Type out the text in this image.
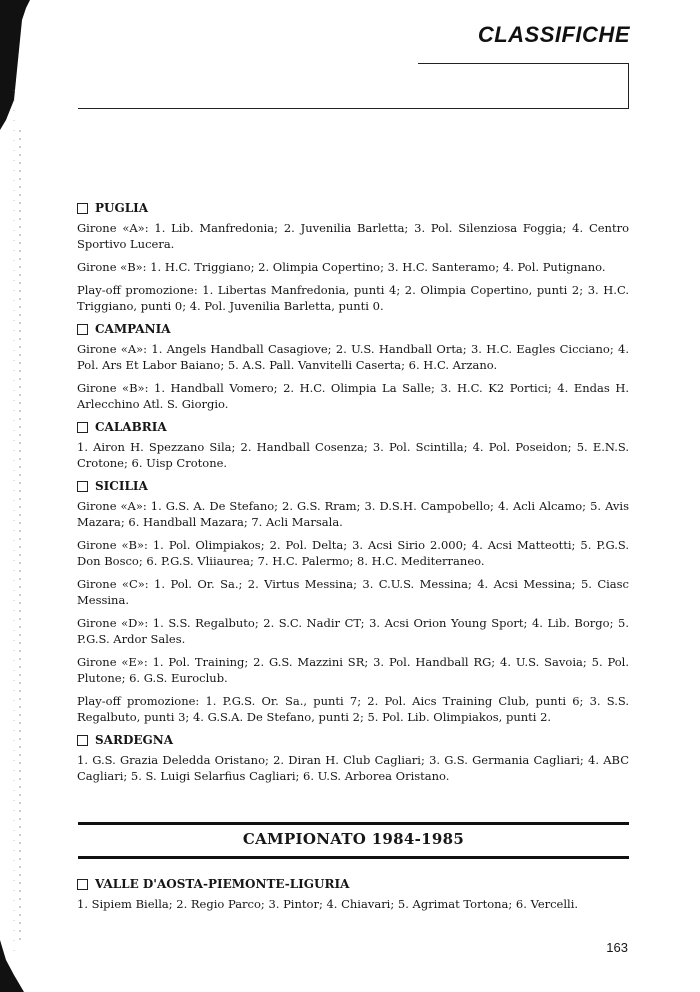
CLASSIFICHE
PUGLIA

Girone «A»: 1. Lib. Manfredonia; 2. Juvenilia Barletta; 3. Pol. Silenziosa Foggia; 4. Centro Sportivo Lucera.

Girone «B»: 1. H.C. Triggiano; 2. Olimpia Copertino; 3. H.C. Santeramo; 4. Pol. Putignano.

Play-off promozione: 1. Libertas Manfredonia, punti 4; 2. Olimpia Copertino, punti 2; 3. H.C. Triggiano, punti 0; 4. Pol. Juvenilia Barletta, punti 0.

CAMPANIA

Girone «A»: 1. Angels Handball Casagiove; 2. U.S. Handball Orta; 3. H.C. Eagles Cicciano; 4. Pol. Ars Et Labor Baiano; 5. A.S. Pall. Vanvitelli Caserta; 6. H.C. Arzano.

Girone «B»: 1. Handball Vomero; 2. H.C. Olimpia La Salle; 3. H.C. K2 Portici; 4. Endas H. Arlecchino Atl. S. Giorgio.

CALABRIA

1. Airon H. Spezzano Sila; 2. Handball Cosenza; 3. Pol. Scintilla; 4. Pol. Poseidon; 5. E.N.S. Crotone; 6. Uisp Crotone.

SICILIA

Girone «A»: 1. G.S. A. De Stefano; 2. G.S. Rram; 3. D.S.H. Campobello; 4. Acli Alcamo; 5. Avis Mazara; 6. Handball Mazara; 7. Acli Marsala.

Girone «B»: 1. Pol. Olimpiakos; 2. Pol. Delta; 3. Acsi Sirio 2.000; 4. Acsi Matteotti; 5. P.G.S. Don Bosco; 6. P.G.S. Vliiaurea; 7. H.C. Palermo; 8. H.C. Mediterraneo.

Girone «C»: 1. Pol. Or. Sa.; 2. Virtus Messina; 3. C.U.S. Messina; 4. Acsi Messina; 5. Ciasc Messina.

Girone «D»: 1. S.S. Regalbuto; 2. S.C. Nadir CT; 3. Acsi Orion Young Sport; 4. Lib. Borgo; 5. P.G.S. Ardor Sales.

Girone «E»: 1. Pol. Training; 2. G.S. Mazzini SR; 3. Pol. Handball RG; 4. U.S. Savoia; 5. Pol. Plutone; 6. G.S. Euroclub.

Play-off promozione: 1. P.G.S. Or. Sa., punti 7; 2. Pol. Aics Training Club, punti 6; 3. S.S. Regalbuto, punti 3; 4. G.S.A. De Stefano, punti 2; 5. Pol. Lib. Olimpiakos, punti 2.

SARDEGNA

1. G.S. Grazia Deledda Oristano; 2. Diran H. Club Cagliari; 3. G.S. Germania Cagliari; 4. ABC Cagliari; 5. S. Luigi Selarfius Cagliari; 6. U.S. Arborea Oristano.

CAMPIONATO 1984-1985
VALLE D'AOSTA-PIEMONTE-LIGURIA

1. Sipiem Biella; 2. Regio Parco; 3. Pintor; 4. Chiavari; 5. Agrimat Tortona; 6. Vercelli.

163
